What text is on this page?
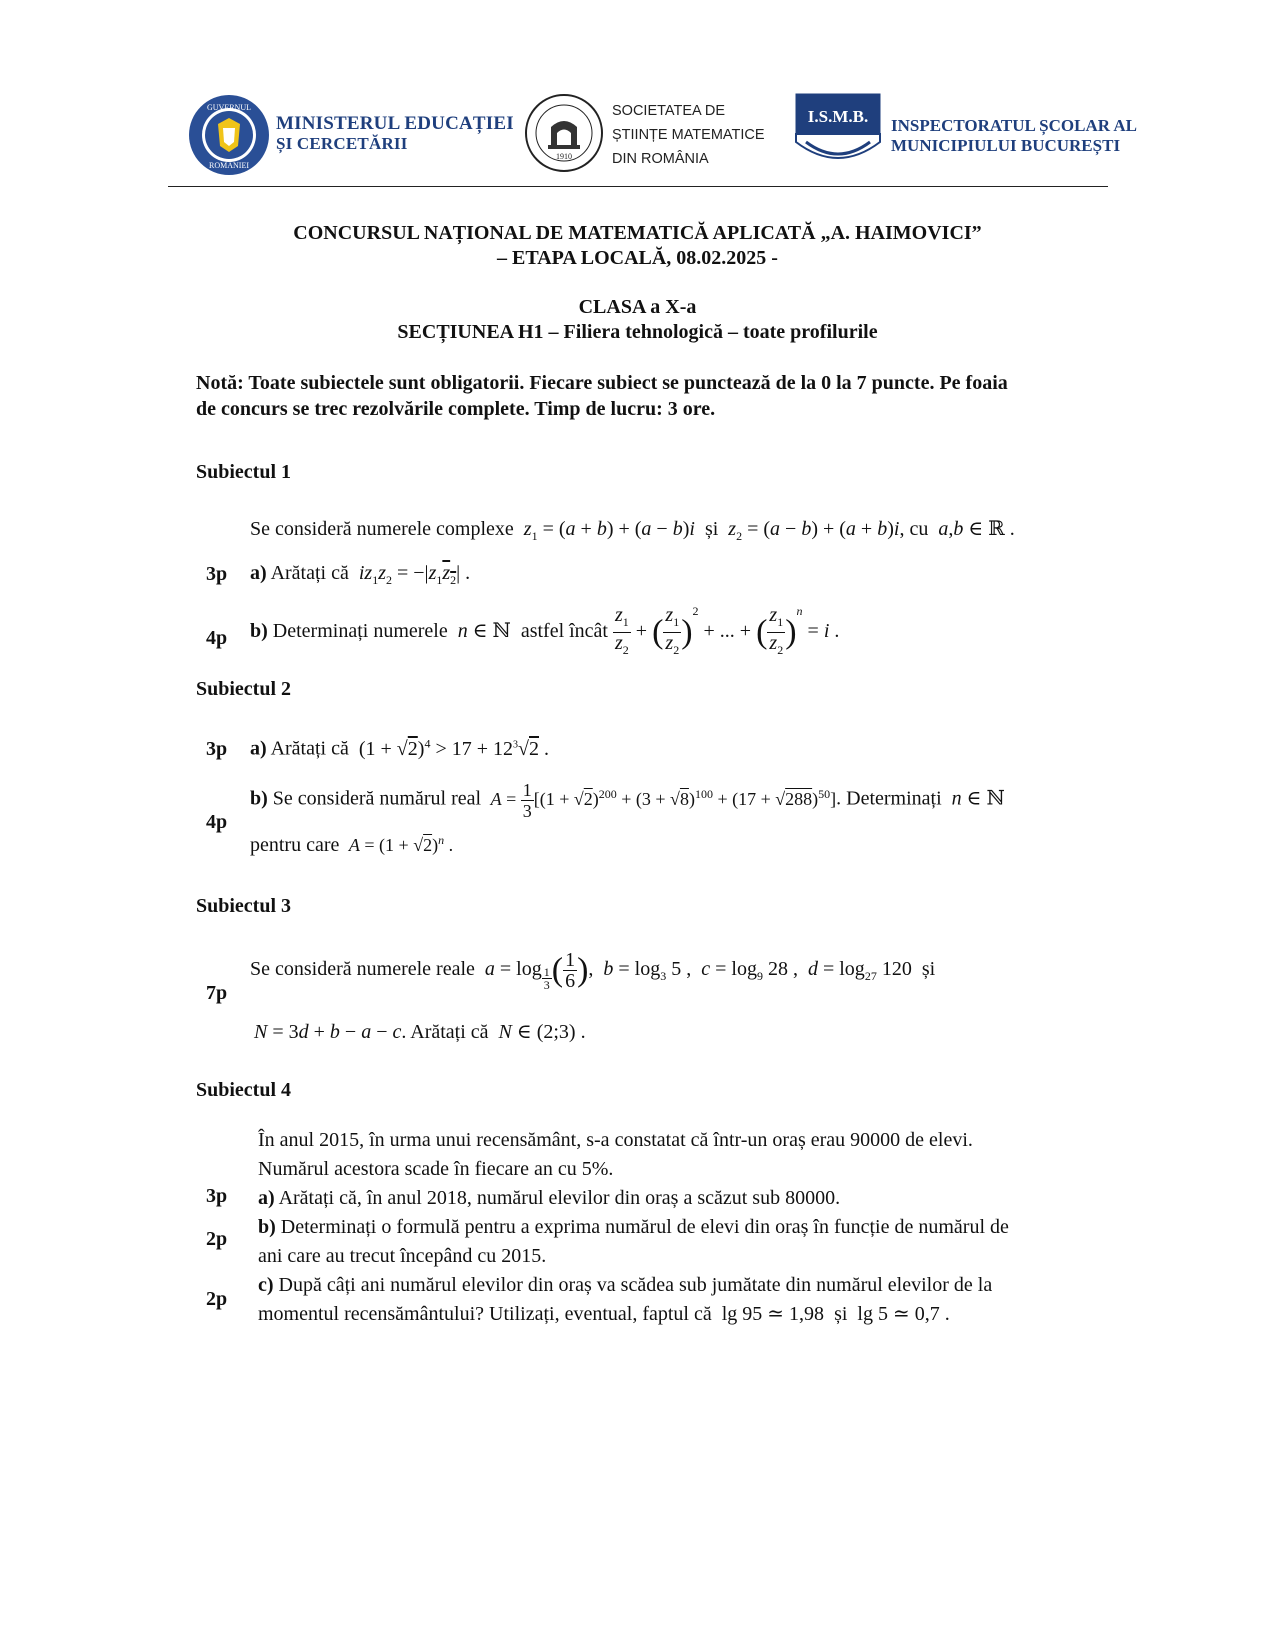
GUVERNUL
ROMÂNIEI
MINISTERUL EDUCAȚIEI
ȘI CERCETĂRII
1910
SOCIETATEA DE
ȘTIINȚE MATEMATICE
DIN ROMÂNIA
I.S.M.B. INSPECTORATUL ȘCOLAR AL
MUNICIPIULUI BUCUREȘTI
CONCURSUL NAȚIONAL DE MATEMATICĂ APLICATĂ „A. HAIMOVICI”
– ETAPA LOCALĂ, 08.02.2025 -
CLASA a X-a
SECȚIUNEA H1 – Filiera tehnologică – toate profilurile
Notă: Toate subiectele sunt obligatorii. Fiecare subiect se punctează de la 0 la 7 puncte. Pe foaia
de concurs se trec rezolvările complete. Timp de lucru: 3 ore.
Subiectul 1
Se consideră numerele complexe $z_1 = (a + b) + (a - b)i$ și $z_2 = (a - b) + (a + b)i$, cu a,b ∈ ℝ .
3p a) Arătați că $iz_1z_2 = -|z_1z_2|$ .
4p b) Determinați numerele n ∈ ℕ  astfel încât $\frac{z_1}{z_2}$ + ( $\frac{z_1}{z_2} )^2$ + ... + ( $\frac{z_1}{z_2} )^n = i$ .
Subiectul 2
3p a) Arătați că  $(1 + √2)^4 > 17 + 12^3√2$ .
4p
b) Se consideră numărul real $A = \frac{1}{3} [(1 + √2)^{200} + (3 + √8)^{100} + (17 + √288)^{50}]$. Determinați n ∈ ℕ
pentru care $A = (1 + √2)^n$ .
Subiectul 3
7p
Se consideră numerele reale $a = \log \frac{1}{3}$ ( $\frac{1}{6}$ ), $b = \log_3 5$ , $c = \log_9 28$ , $d = \log_{27} 120$  și
N = 3d + b − a − c. Arătați că N ∈ (2;3) .
Subiectul 4
În anul 2015, în urma unui recensământ, s-a constatat că într-un oraș erau 90000 de elevi.
Numărul acestora scade în fiecare an cu 5%.
a) Arătați că, în anul 2018, numărul elevilor din oraș a scăzut sub 80000.
b) Determinați o formulă pentru a exprima numărul de elevi din oraș în funcție de numărul de
ani care au trecut începând cu 2015.
c) După câți ani numărul elevilor din oraș va scădea sub jumătate din numărul elevilor de la
momentul recensământului? Utilizați, eventual, faptul că  lg 95 ≃ 1,98  și  lg 5 ≃ 0,7 .
3p
2p
2p
